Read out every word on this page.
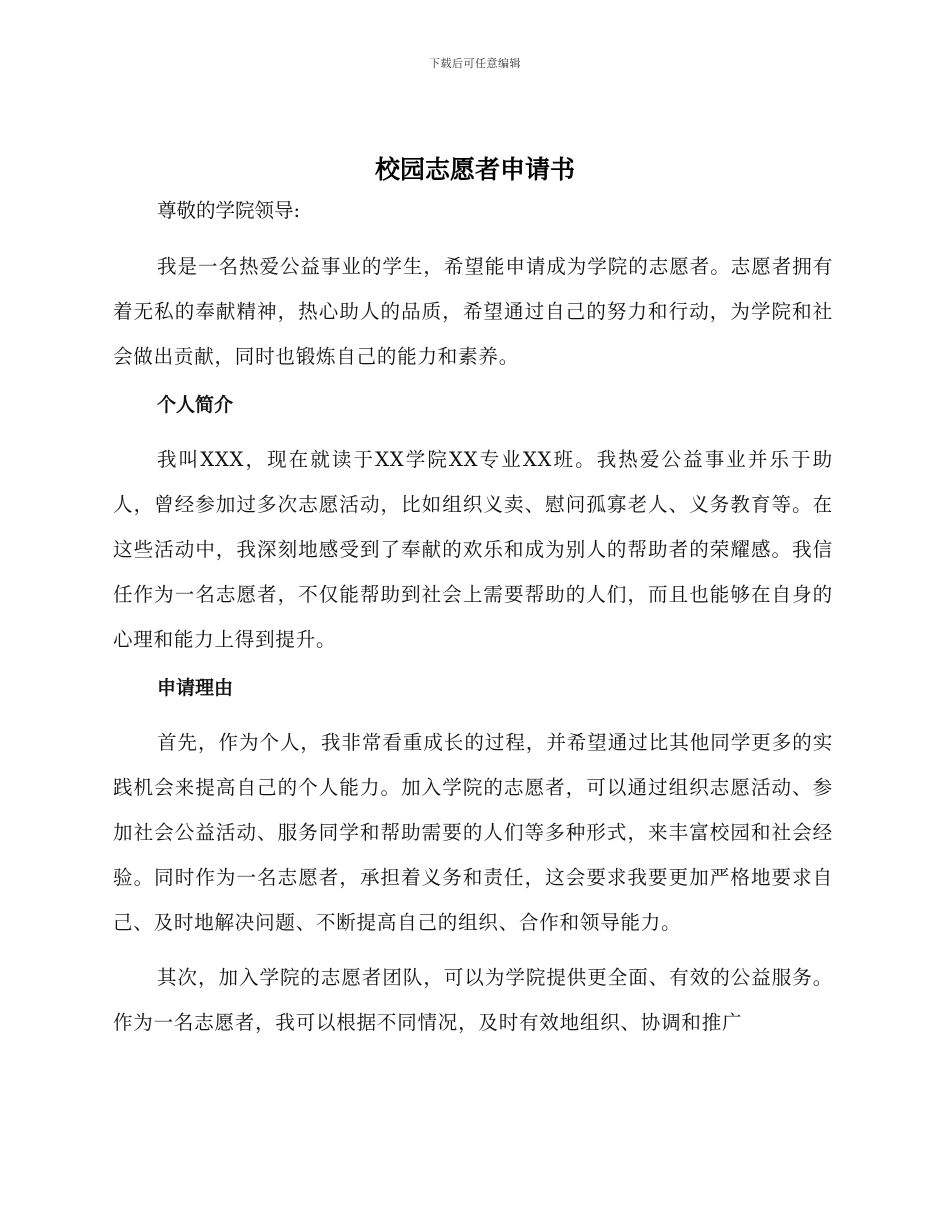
下载后可任意编辑
校园志愿者申请书

尊敬的学院领导:

我是一名热爱公益事业的学生，希望能申请成为学院的志愿者。志愿者拥有着无私的奉献精神，热心助人的品质，希望通过自己的努力和行动，为学院和社会做出贡献，同时也锻炼自己的能力和素养。

个人简介

我叫XXX，现在就读于XX学院XX专业XX班。我热爱公益事业并乐于助人，曾经参加过多次志愿活动，比如组织义卖、慰问孤寡老人、义务教育等。在这些活动中，我深刻地感受到了奉献的欢乐和成为别人的帮助者的荣耀感。我信任作为一名志愿者，不仅能帮助到社会上需要帮助的人们，而且也能够在自身的心理和能力上得到提升。

申请理由

首先，作为个人，我非常看重成长的过程，并希望通过比其他同学更多的实践机会来提高自己的个人能力。加入学院的志愿者，可以通过组织志愿活动、参加社会公益活动、服务同学和帮助需要的人们等多种形式，来丰富校园和社会经验。同时作为一名志愿者，承担着义务和责任，这会要求我要更加严格地要求自己、及时地解决问题、不断提高自己的组织、合作和领导能力。

其次，加入学院的志愿者团队，可以为学院提供更全面、有效的公益服务。作为一名志愿者，我可以根据不同情况，及时有效地组织、协调和推广
